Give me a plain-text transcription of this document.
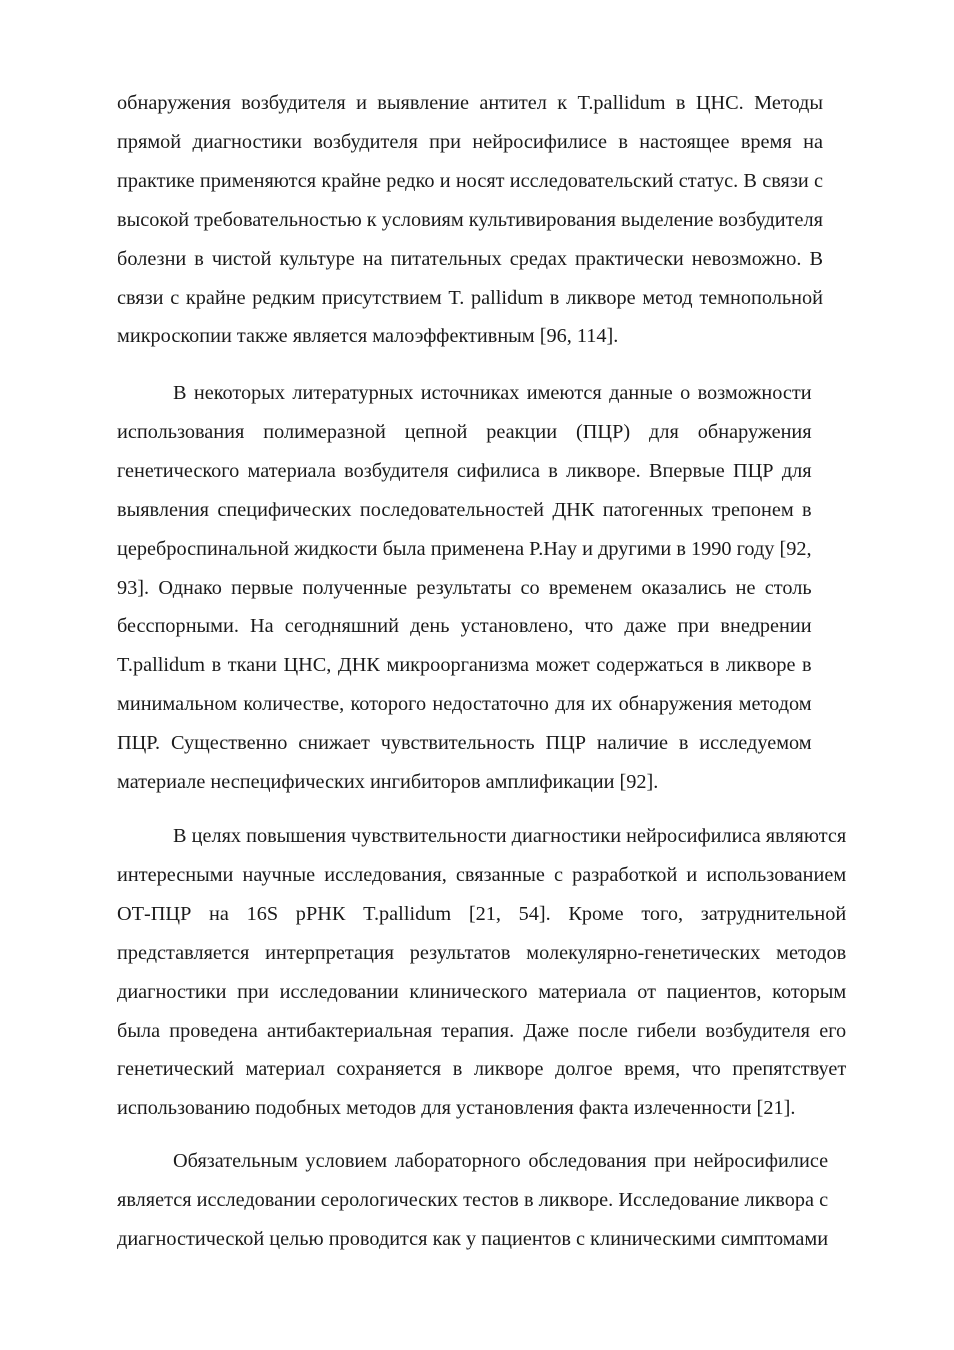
обнаружения возбудителя и выявление антител к T.pallidum в ЦНС. Методы
прямой диагностики возбудителя при нейросифилисе в настоящее время на
практике применяются крайне редко и носят исследовательский статус. В связи с
высокой требовательностью к условиям культивирования выделение возбудителя
болезни в чистой культуре на питательных средах практически невозможно. В
связи с крайне редким присутствием T. pallidum в ликворе метод темнопольной
микроскопии также является малоэффективным [96, 114].

В некоторых литературных источниках имеются данные о возможности
использования полимеразной цепной реакции (ПЦР) для обнаружения
генетического материала возбудителя сифилиса в ликворе. Впервые ПЦР для
выявления специфических последовательностей ДНК патогенных трепонем в
цереброспинальной жидкости была применена P.Hay и другими в 1990 году [92,
93]. Однако первые полученные результаты со временем оказались не столь
бесспорными. На сегодняшний день установлено, что даже при внедрении
T.pallidum в ткани ЦНС, ДНК микроорганизма может содержаться в ликворе в
минимальном количестве, которого недостаточно для их обнаружения методом
ПЦР. Существенно снижает чувствительность ПЦР наличие в исследуемом
материале неспецифических ингибиторов амплификации [92].

В целях повышения чувствительности диагностики нейросифилиса являются
интересными научные исследования, связанные с разработкой и использованием
ОТ-ПЦР на 16S рРНК T.pallidum [21, 54]. Кроме того, затруднительной
представляется интерпретация результатов молекулярно-генетических методов
диагностики при исследовании клинического материала от пациентов, которым
была проведена антибактериальная терапия. Даже после гибели возбудителя его
генетический материал сохраняется в ликворе долгое время, что препятствует
использованию подобных методов для установления факта излеченности [21].

Обязательным условием лабораторного обследования при нейросифилисе
является исследовании серологических тестов в ликворе. Исследование ликвора с
диагностической целью проводится как у пациентов с клиническими симптомами
